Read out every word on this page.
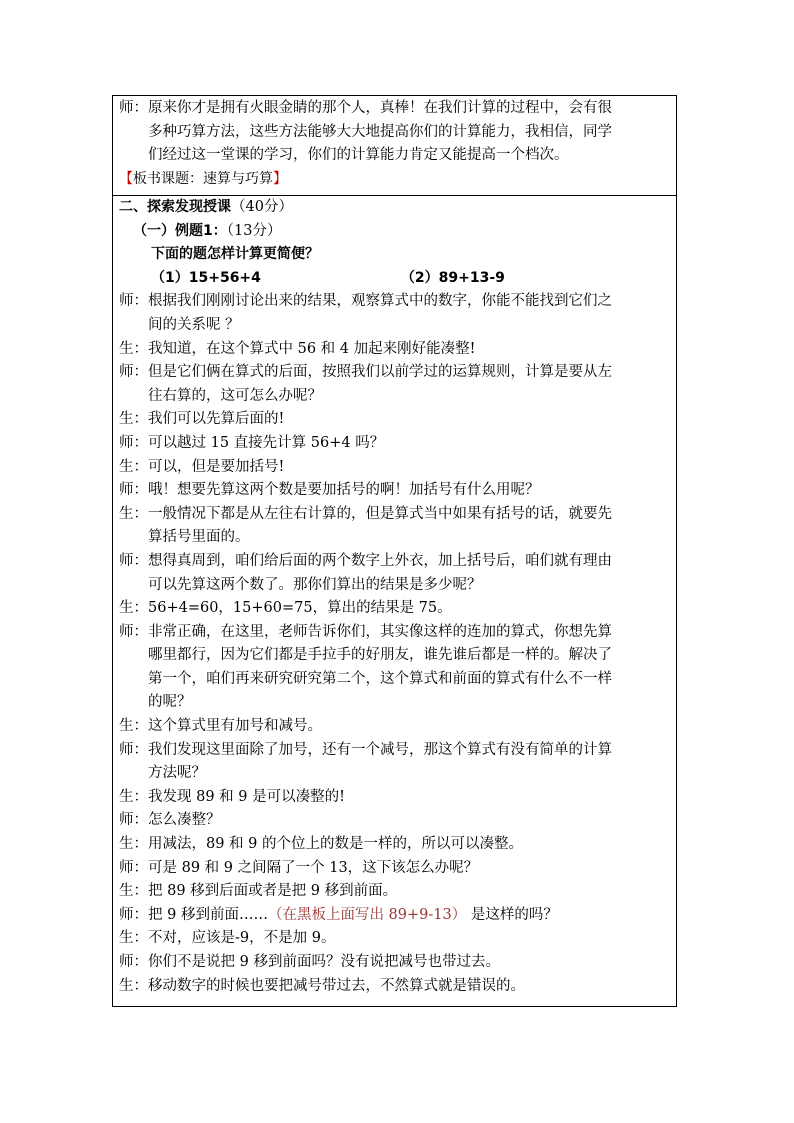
师：原来你才是拥有火眼金睛的那个人，真棒！在我们计算的过程中，会有很
多种巧算方法，这些方法能够大大地提高你们的计算能力，我相信，同学
们经过这一堂课的学习，你们的计算能力肯定又能提高一个档次。
【板书课题：速算与巧算】
二、探索发现授课（40分）
（一）例题1：（13分）
下面的题怎样计算更简便？
（1）15+56+4	（2）89+13-9
师：根据我们刚刚讨论出来的结果，观察算式中的数字，你能不能找到它们之
间的关系呢 ？
生：我知道，在这个算式中 56 和 4 加起来刚好能凑整!
师：但是它们俩在算式的后面，按照我们以前学过的运算规则，计算是要从左
往右算的，这可怎么办呢？
生：我们可以先算后面的!
师：可以越过 15 直接先计算 56+4 吗？
生：可以，但是要加括号!
师：哦！想要先算这两个数是要加括号的啊！加括号有什么用呢？
生：一般情况下都是从左往右计算的，但是算式当中如果有括号的话，就要先
算括号里面的。
师：想得真周到，咱们给后面的两个数字上外衣，加上括号后，咱们就有理由
可以先算这两个数了。那你们算出的结果是多少呢？
生：56+4=60，15+60=75，算出的结果是 75。
师：非常正确，在这里，老师告诉你们，其实像这样的连加的算式，你想先算
哪里都行，因为它们都是手拉手的好朋友，谁先谁后都是一样的。解决了
第一个，咱们再来研究研究第二个，这个算式和前面的算式有什么不一样
的呢？
生：这个算式里有加号和减号。
师：我们发现这里面除了加号，还有一个减号，那这个算式有没有简单的计算
方法呢？
生：我发现 89 和 9 是可以凑整的!
师：怎么凑整？
生：用减法，89 和 9 的个位上的数是一样的，所以可以凑整。
师：可是 89 和 9 之间隔了一个 13，这下该怎么办呢？
生：把 89 移到后面或者是把 9 移到前面。
师：把 9 移到前面……（在黑板上面写出 89+9-13） 是这样的吗？
生：不对，应该是-9，不是加 9。
师：你们不是说把 9 移到前面吗？没有说把减号也带过去。
生：移动数字的时候也要把减号带过去，不然算式就是错误的。
